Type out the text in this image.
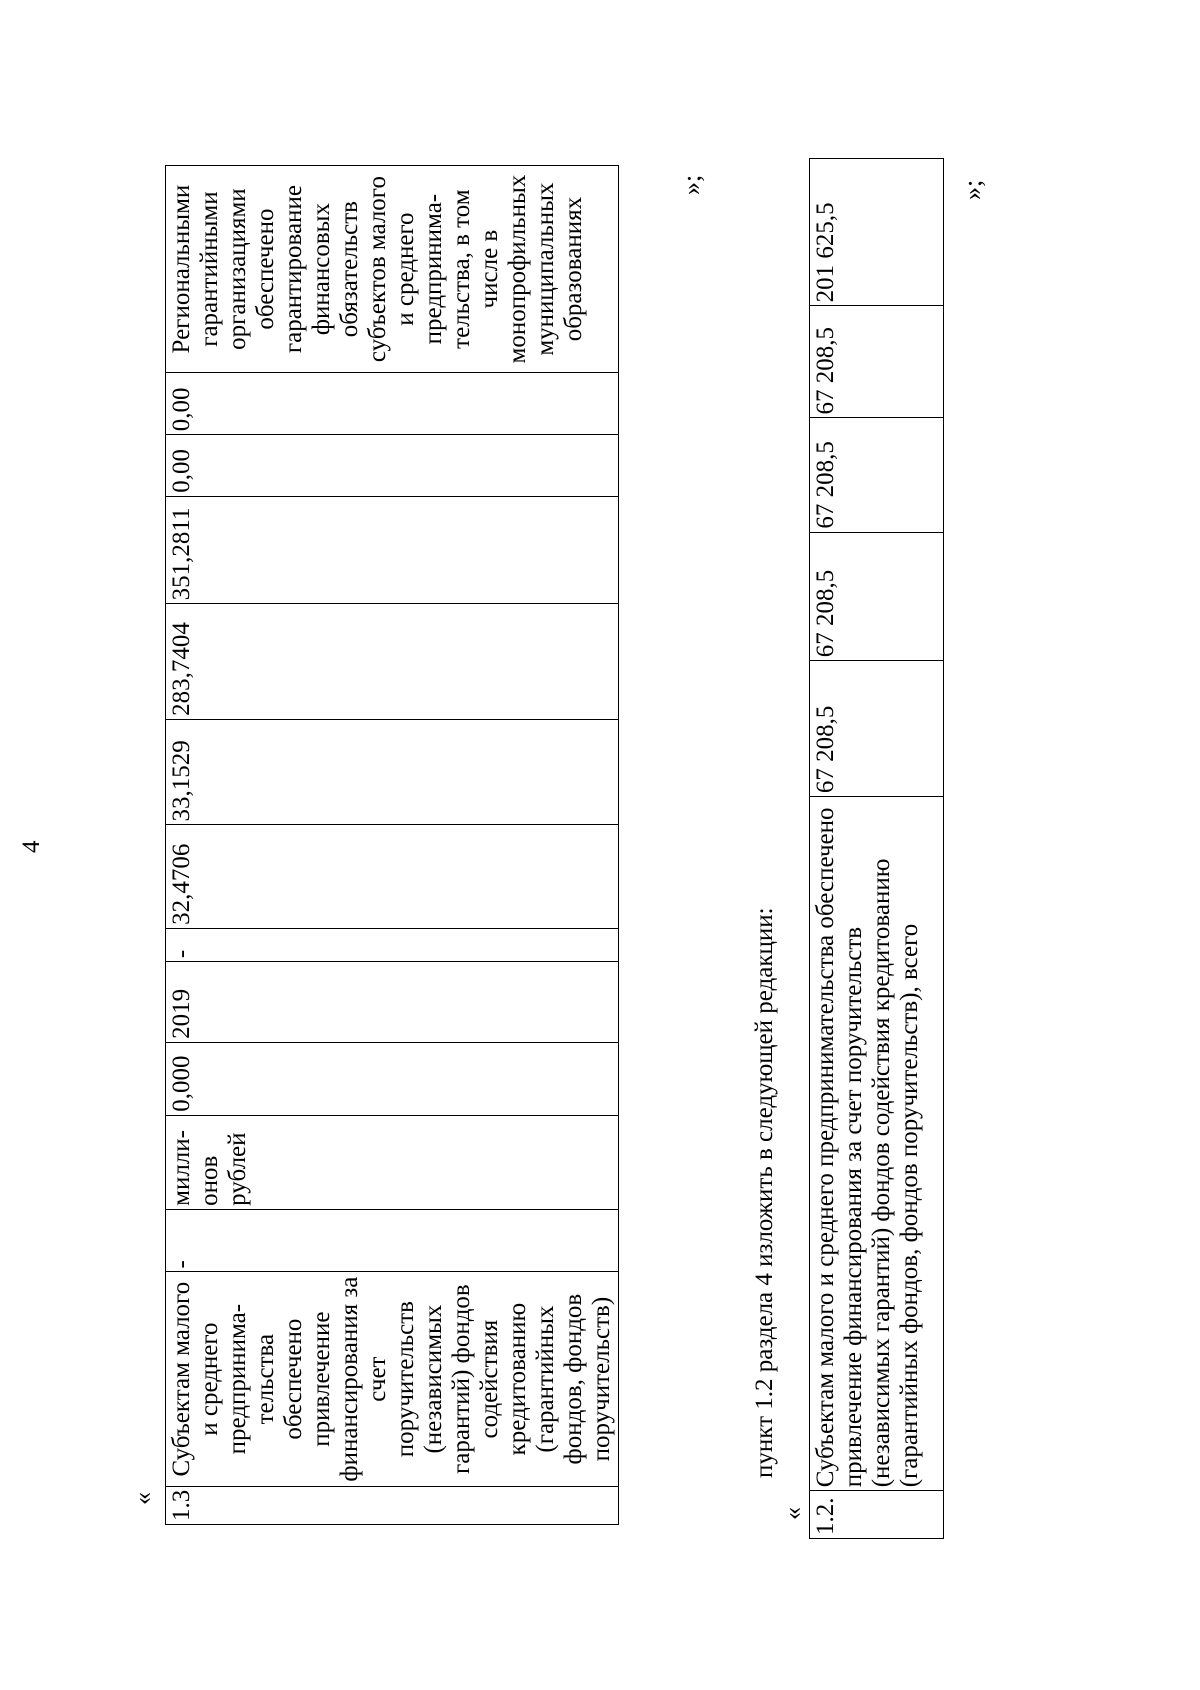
4
« 1.3	Субъектам малого и среднего предпринима-тельства обеспечено привлечение финансирования за счет поручительств (независимых гарантий) фондов содействия кредитованию (гарантийных фондов, фондов поручительств)	-	милли-онов рублей	0,000	2019	-	32,4706	33,1529	283,7404	351,2811	0,00	0,00	Региональными гарантийными организациями обеспечено гарантирование финансовых обязательств субъектов малого и среднего предпринима-тельства, в том числе в монопрофильных муниципальных образованиях
»;
пункт 1.2 раздела 4 изложить в следующей редакции:
« 1.2.	Субъектам малого и среднего предпринимательства обеспечено привлечение финансирования за счет поручительств (независимых гарантий) фондов содействия кредитованию (гарантийных фондов, фондов поручительств), всего	67 208,5	67 208,5	67 208,5	67 208,5	201 625,5
»;
